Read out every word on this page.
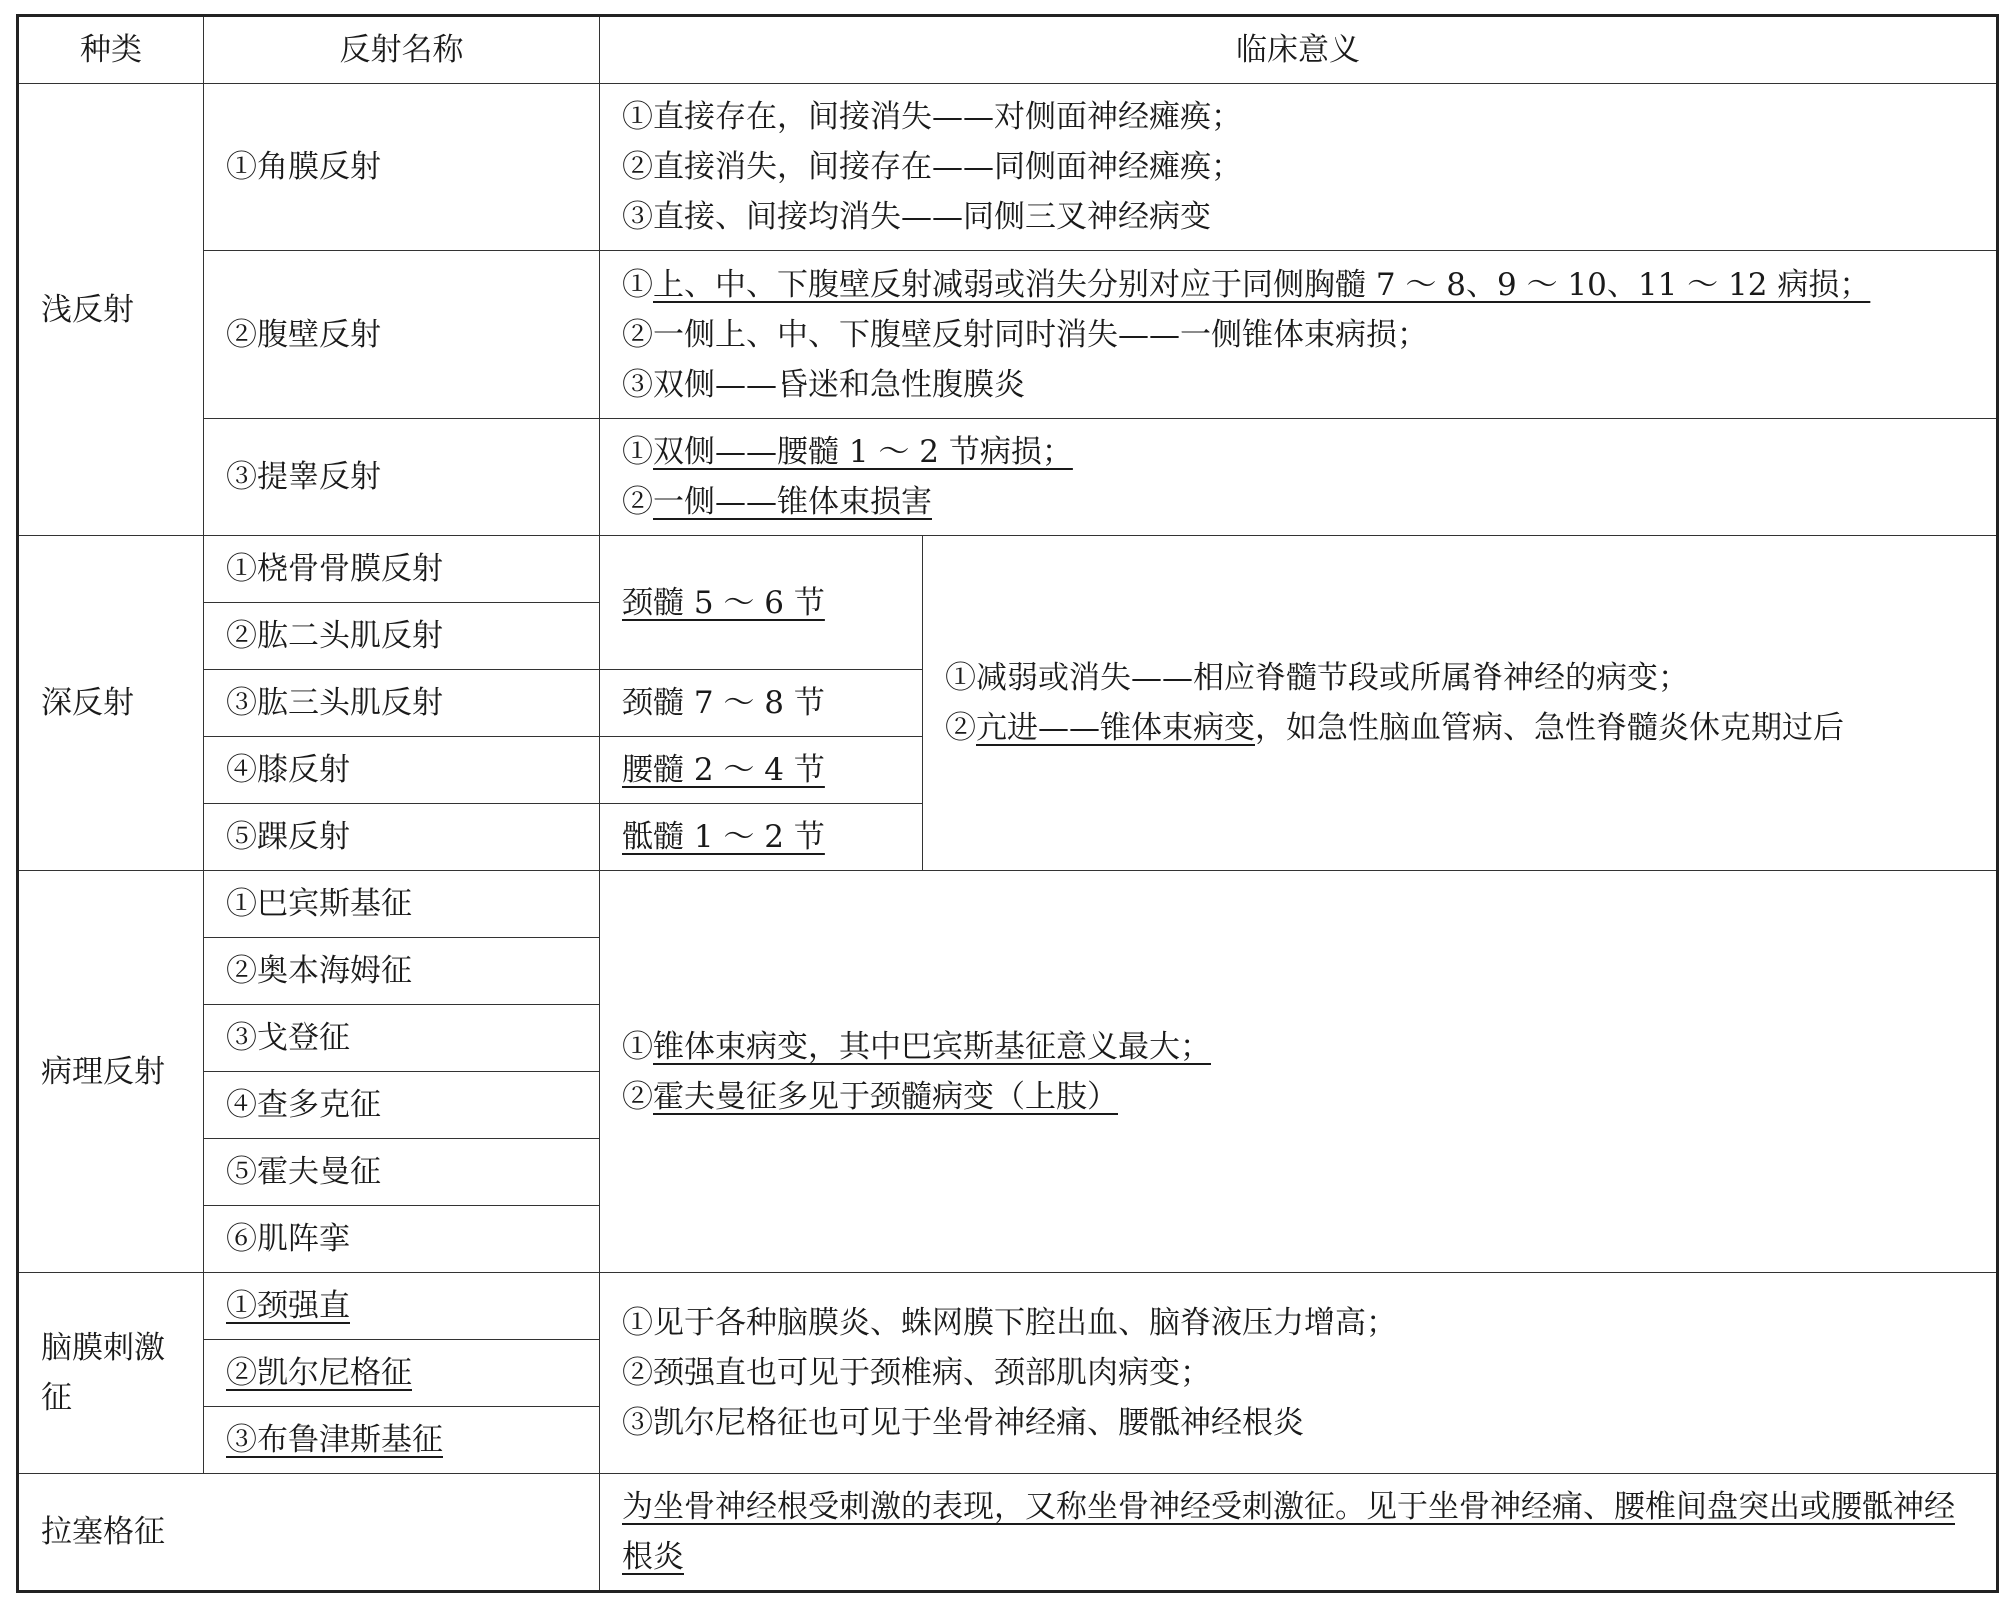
种类	反射名称	临床意义	
浅反射	①角膜反射	①直接存在，间接消失——对侧面神经瘫痪；
②直接消失，间接存在——同侧面神经瘫痪；
③直接、间接均消失——同侧三叉神经病变	

	②腹壁反射	①上、中、下腹壁反射减弱或消失分别对应于同侧胸髓 7 ～ 8、9 ～ 10、11 ～ 12 病损；
②一侧上、中、下腹壁反射同时消失——一侧锥体束病损；
③双侧——昏迷和急性腹膜炎	

	③提睾反射	①双侧——腰髓 1 ～ 2 节病损；
②一侧——锥体束损害	

深反射	①桡骨骨膜反射	颈髓 5 ～ 6 节	①减弱或消失——相应脊髓节段或所属脊神经的病变；
②亢进——锥体束病变，如急性脑血管病、急性脊髓炎休克期过后

	②肱二头肌反射		
	③肱三头肌反射	颈髓 7 ～ 8 节	
	④膝反射	腰髓 2 ～ 4 节	
	⑤踝反射	骶髓 1 ～ 2 节	
病理反射	①巴宾斯基征	①锥体束病变，其中巴宾斯基征意义最大；
②霍夫曼征多见于颈髓病变（上肢）	

	②奥本海姆征		
	③戈登征		
	④查多克征		
	⑤霍夫曼征		
	⑥肌阵挛		
脑膜刺激征	①颈强直	①见于各种脑膜炎、蛛网膜下腔出血、脑脊液压力增高；
②颈强直也可见于颈椎病、颈部肌肉病变；
③凯尔尼格征也可见于坐骨神经痛、腰骶神经根炎	

	②凯尔尼格征		
	③布鲁津斯基征		
拉塞格征		为坐骨神经根受刺激的表现，又称坐骨神经受刺激征。见于坐骨神经痛、腰椎间盘突出或腰骶神经根炎	
